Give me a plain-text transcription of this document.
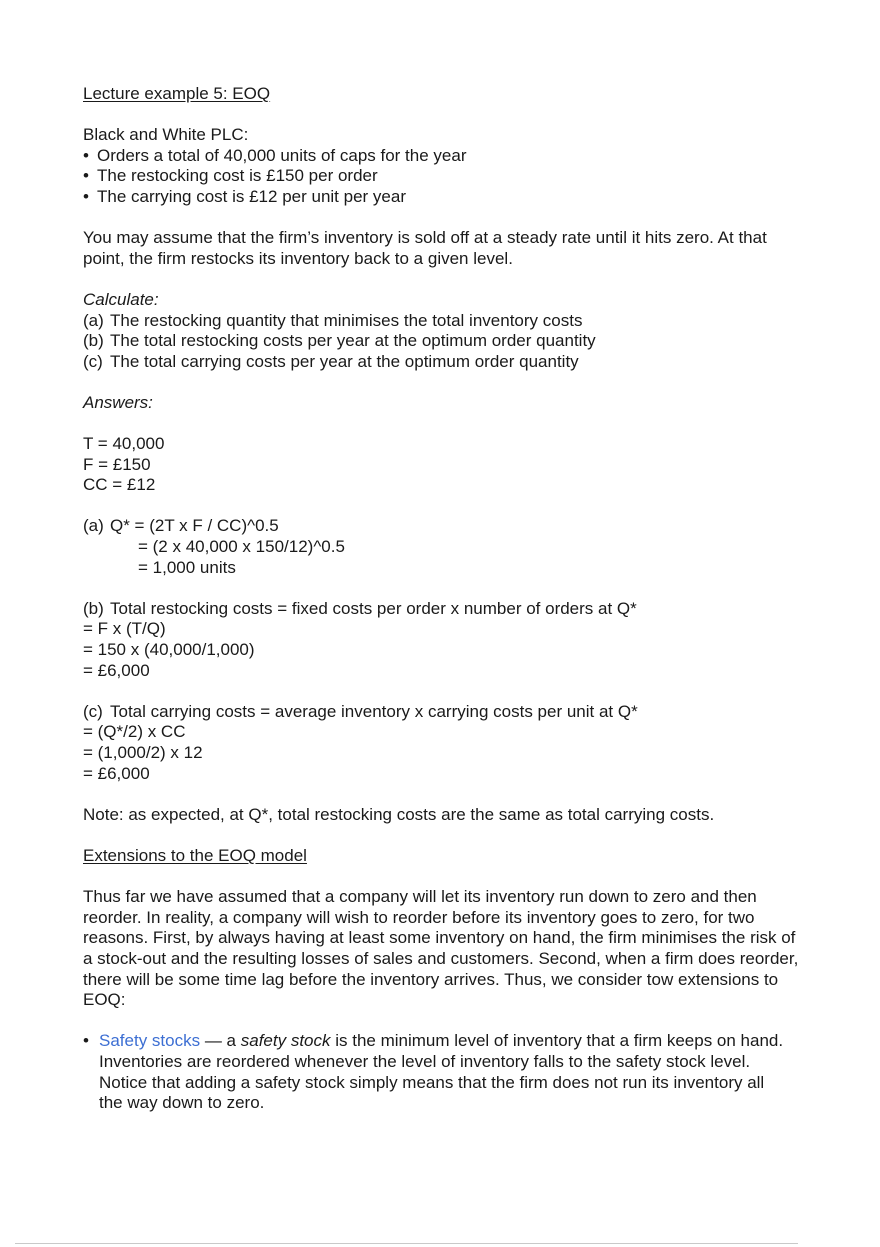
Lecture example 5: EOQ
Black and White PLC:
• Orders a total of 40,000 units of caps for the year
• The restocking cost is £150 per order
• The carrying cost is £12 per unit per year
You may assume that the firm’s inventory is sold off at a steady rate until it hits zero. At that point, the firm restocks its inventory back to a given level.
Calculate:
(a) The restocking quantity that minimises the total inventory costs
(b) The total restocking costs per year at the optimum order quantity
(c) The total carrying costs per year at the optimum order quantity
Answers:
T = 40,000
F = £150
CC = £12
(a) Q* = (2T x F / CC)^0.5
= (2 x 40,000 x 150/12)^0.5
= 1,000 units
(b) Total restocking costs = fixed costs per order x number of orders at Q*
= F x (T/Q)
= 150 x (40,000/1,000)
= £6,000
(c) Total carrying costs = average inventory x carrying costs per unit at Q*
= (Q*/2) x CC
= (1,000/2) x 12
= £6,000
Note: as expected, at Q*, total restocking costs are the same as total carrying costs.
Extensions to the EOQ model
Thus far we have assumed that a company will let its inventory run down to zero and then reorder. In reality, a company will wish to reorder before its inventory goes to zero, for two reasons. First, by always having at least some inventory on hand, the firm minimises the risk of a stock-out and the resulting losses of sales and customers. Second, when a firm does reorder, there will be some time lag before the inventory arrives. Thus, we consider tow extensions to EOQ:
• Safety stocks — a safety stock is the minimum level of inventory that a firm keeps on hand. Inventories are reordered whenever the level of inventory falls to the safety stock level. Notice that adding a safety stock simply means that the firm does not run its inventory all the way down to zero.
